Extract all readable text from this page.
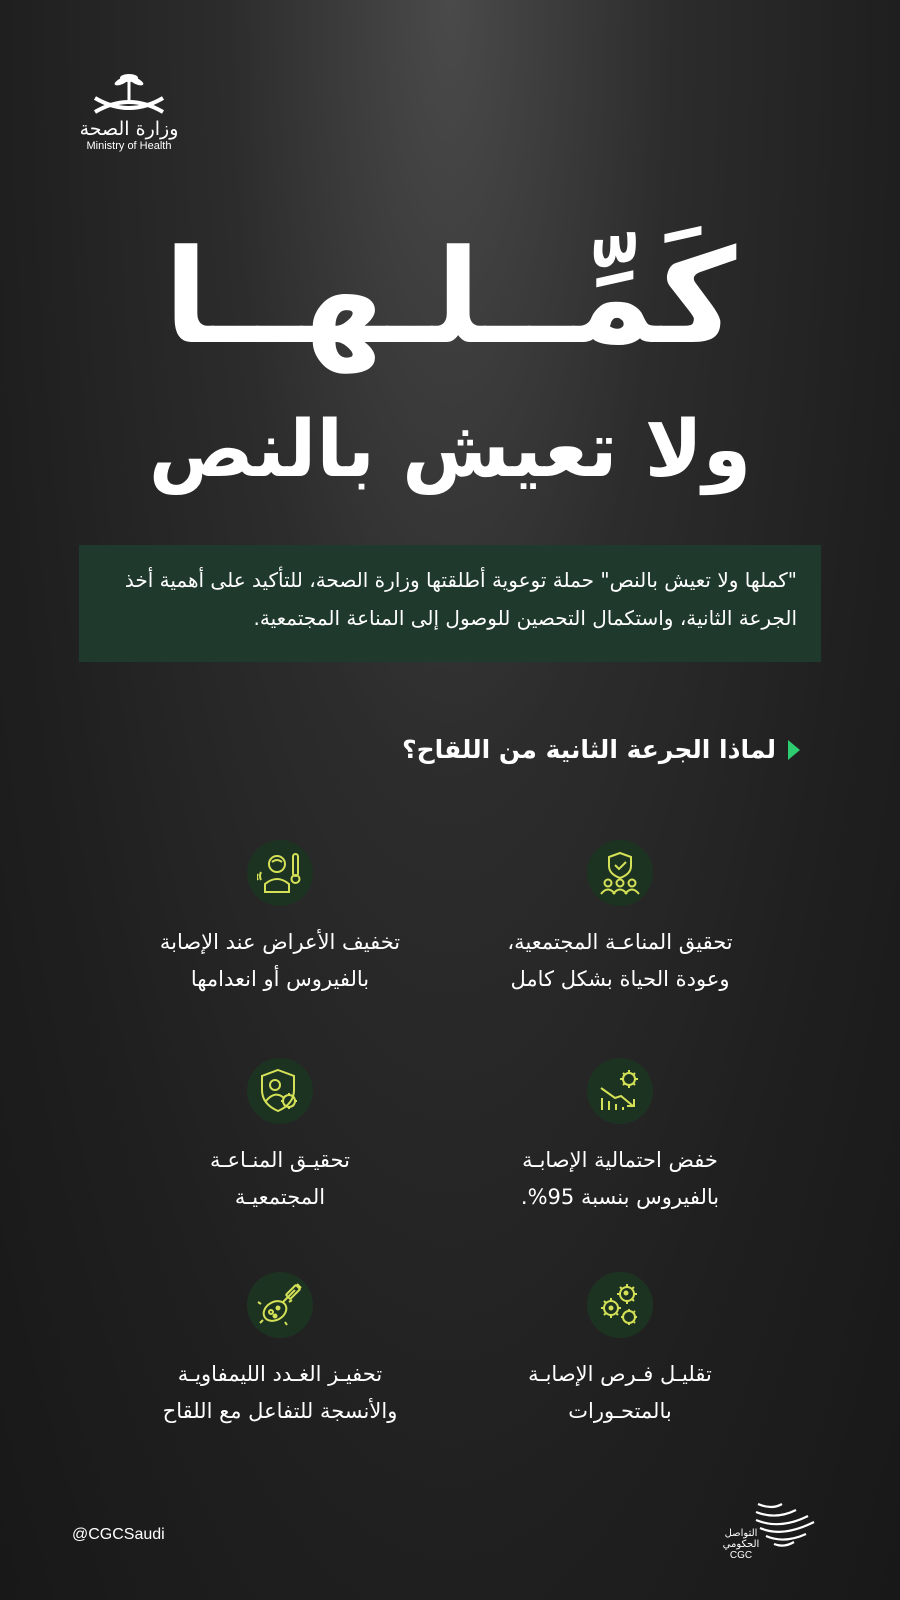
وزارة الصحة
Ministry of Health
كَمِّــلـهــا
ولا تعيش بالنص

"كملها ولا تعيش بالنص" حملة توعوية أطلقتها وزارة الصحة، للتأكيد على أهمية أخذ الجرعة الثانية، واستكمال التحصين للوصول إلى المناعة المجتمعية.

لماذا الجرعة الثانية من اللقاح؟
تحقيق المناعـة المجتمعية،
وعودة الحياة بشكل كامل
تخفيف الأعراض عند الإصابة
بالفيروس أو انعدامها
خفض احتمالية الإصابـة
بالفيروس بنسبة 95%.
تحقيـق المنـاعـة
المجتمعيـة
تقليـل فـرص الإصابـة
بالمتحـورات
تحفيـز الغـدد الليمفاويـة
والأنسجة للتفاعل مع اللقاح
@CGCSaudi	التواصل
الحكومي
CGC
